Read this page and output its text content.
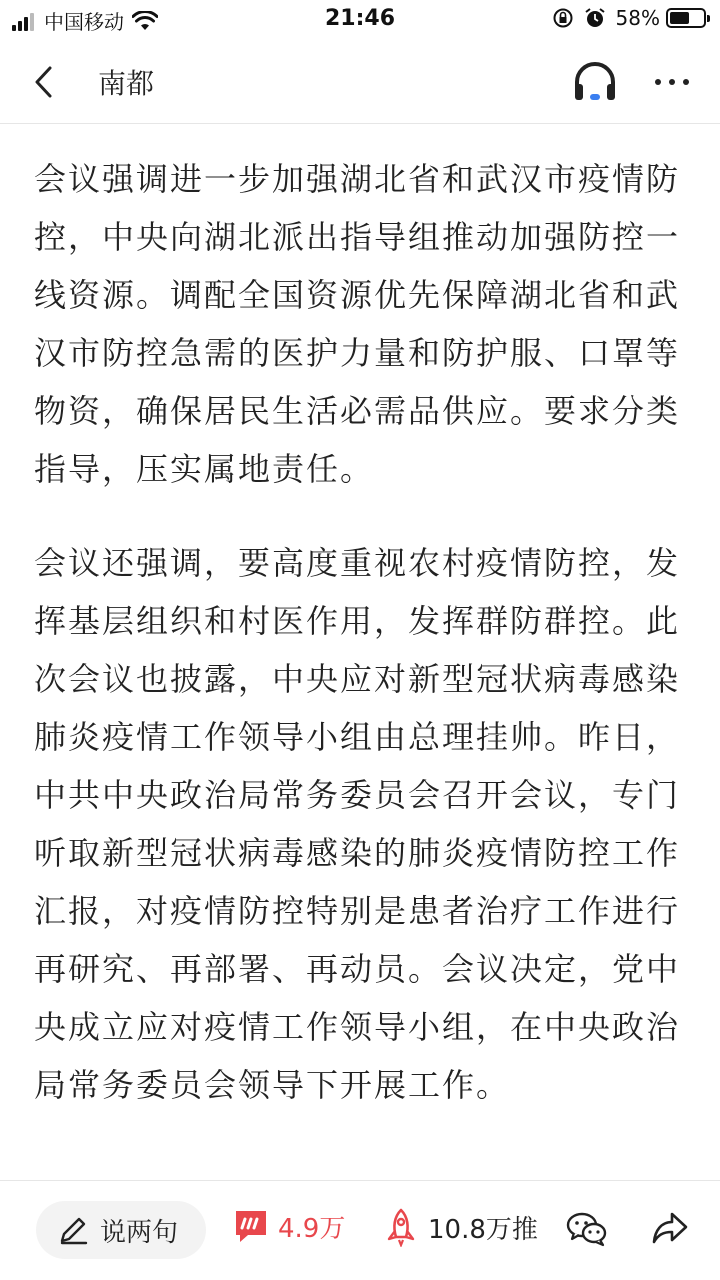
中国移动	21:46	58%
南都

会议强调进一步加强湖北省和武汉市疫情防控，中央向湖北派出指导组推动加强防控一线资源。调配全国资源优先保障湖北省和武汉市防控急需的医护力量和防护服、口罩等物资，确保居民生活必需品供应。要求分类指导，压实属地责任。

会议还强调，要高度重视农村疫情防控，发挥基层组织和村医作用，发挥群防群控。此次会议也披露，中央应对新型冠状病毒感染肺炎疫情工作领导小组由总理挂帅。昨日，中共中央政治局常务委员会召开会议，专门听取新型冠状病毒感染的肺炎疫情防控工作汇报，对疫情防控特别是患者治疗工作进行再研究、再部署、再动员。会议决定，党中央成立应对疫情工作领导小组，在中央政治局常务委员会领导下开展工作。

说两句	4.9万	10.8万推
